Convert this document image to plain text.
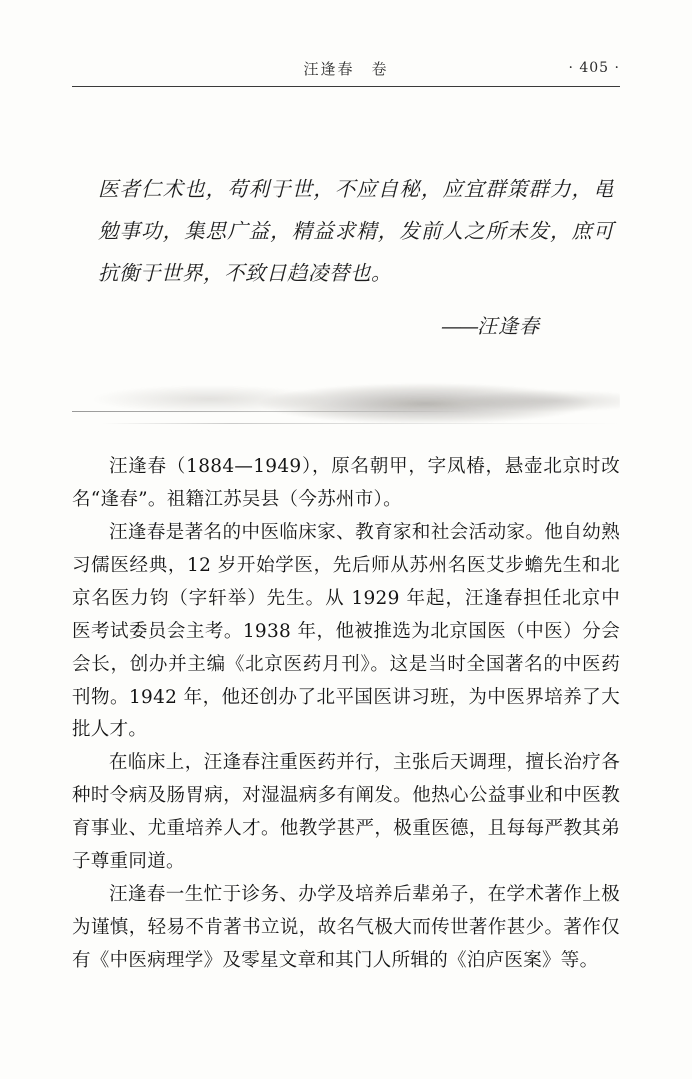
汪逢春　卷	· 405 ·
医者仁术也，苟利于世，不应自秘，应宜群策群力，黾勉事功，集思广益，精益求精，发前人之所未发，庶可抗衡于世界，不致日趋凌替也。
——汪逢春

汪逢春（1884—1949），原名朝甲，字凤椿，悬壶北京时改名“逢春”。祖籍江苏吴县（今苏州市）。

汪逢春是著名的中医临床家、教育家和社会活动家。他自幼熟习儒医经典，12 岁开始学医，先后师从苏州名医艾步蟾先生和北京名医力钧（字轩举）先生。从 1929 年起，汪逢春担任北京中医考试委员会主考。1938 年，他被推选为北京国医（中医）分会会长，创办并主编《北京医药月刊》。这是当时全国著名的中医药刊物。1942 年，他还创办了北平国医讲习班，为中医界培养了大批人才。

在临床上，汪逢春注重医药并行，主张后天调理，擅长治疗各种时令病及肠胃病，对湿温病多有阐发。他热心公益事业和中医教育事业、尤重培养人才。他教学甚严，极重医德，且每每严教其弟子尊重同道。

汪逢春一生忙于诊务、办学及培养后辈弟子，在学术著作上极为谨慎，轻易不肯著书立说，故名气极大而传世著作甚少。著作仅有《中医病理学》及零星文章和其门人所辑的《泊庐医案》等。
